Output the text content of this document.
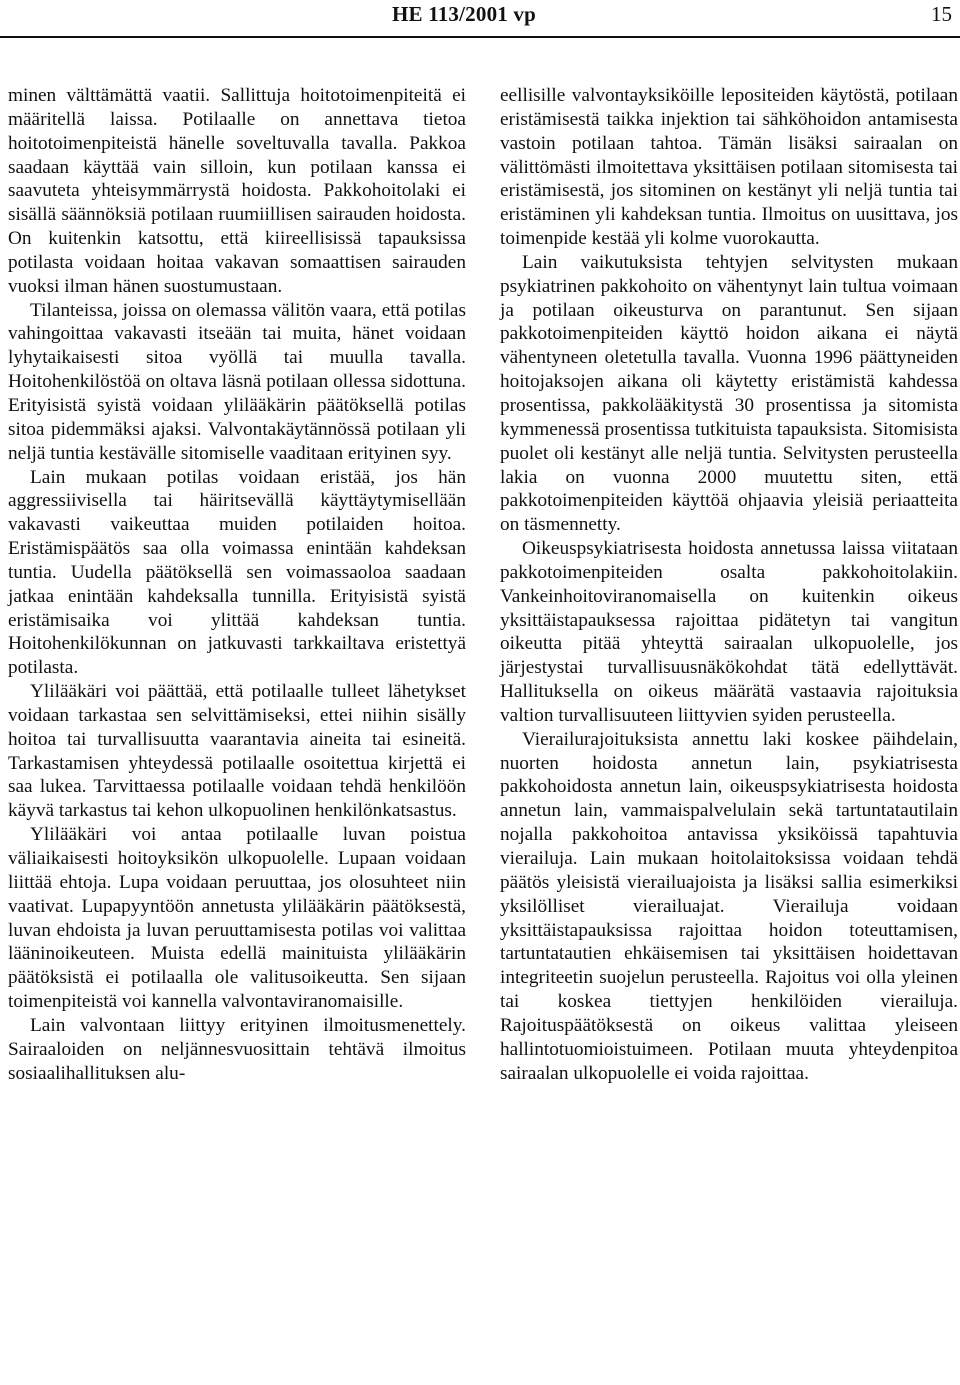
HE 113/2001 vp	15

minen välttämättä vaatii. Sallittuja hoitotoimenpiteitä ei määritellä laissa. Potilaalle on annettava tietoa hoitotoimenpiteistä hänelle soveltuvalla tavalla. Pakkoa saadaan käyttää vain silloin, kun potilaan kanssa ei saavuteta yhteisymmärrystä hoidosta. Pakkohoitolaki ei sisällä säännöksiä potilaan ruumiillisen sairauden hoidosta. On kuitenkin katsottu, että kiireellisissä tapauksissa potilasta voidaan hoitaa vakavan somaattisen sairauden vuoksi ilman hänen suostumustaan.

Tilanteissa, joissa on olemassa välitön vaara, että potilas vahingoittaa vakavasti itseään tai muita, hänet voidaan lyhytaikaisesti sitoa vyöllä tai muulla tavalla. Hoitohenkilöstöä on oltava läsnä potilaan ollessa sidottuna. Erityisistä syistä voidaan ylilääkärin päätöksellä potilas sitoa pidemmäksi ajaksi. Valvontakäytännössä potilaan yli neljä tuntia kestävälle sitomiselle vaaditaan erityinen syy.

Lain mukaan potilas voidaan eristää, jos hän aggressiivisella tai häiritsevällä käyttäytymisellään vakavasti vaikeuttaa muiden potilaiden hoitoa. Eristämispäätös saa olla voimassa enintään kahdeksan tuntia. Uudella päätöksellä sen voimassaoloa saadaan jatkaa enintään kahdeksalla tunnilla. Erityisistä syistä eristämisaika voi ylittää kahdeksan tuntia. Hoitohenkilökunnan on jatkuvasti tarkkailtava eristettyä potilasta.

Ylilääkäri voi päättää, että potilaalle tulleet lähetykset voidaan tarkastaa sen selvittämiseksi, ettei niihin sisälly hoitoa tai turvallisuutta vaarantavia aineita tai esineitä. Tarkastamisen yhteydessä potilaalle osoitettua kirjettä ei saa lukea. Tarvittaessa potilaalle voidaan tehdä henkilöön käyvä tarkastus tai kehon ulkopuolinen henkilönkatsastus.

Ylilääkäri voi antaa potilaalle luvan poistua väliaikaisesti hoitoyksikön ulkopuolelle. Lupaan voidaan liittää ehtoja. Lupa voidaan peruuttaa, jos olosuhteet niin vaativat. Lupapyyntöön annetusta ylilääkärin päätöksestä, luvan ehdoista ja luvan peruuttamisesta potilas voi valittaa lääninoikeuteen. Muista edellä mainituista ylilääkärin päätöksistä ei potilaalla ole valitusoikeutta. Sen sijaan toimenpiteistä voi kannella valvontaviranomaisille.

Lain valvontaan liittyy erityinen ilmoitusmenettely. Sairaaloiden on neljännesvuosittain tehtävä ilmoitus sosiaalihallituksen alu-

eellisille valvontayksiköille lepositeiden käytöstä, potilaan eristämisestä taikka injektion tai sähköhoidon antamisesta vastoin potilaan tahtoa. Tämän lisäksi sairaalan on välittömästi ilmoitettava yksittäisen potilaan sitomisesta tai eristämisestä, jos sitominen on kestänyt yli neljä tuntia tai eristäminen yli kahdeksan tuntia. Ilmoitus on uusittava, jos toimenpide kestää yli kolme vuorokautta.

Lain vaikutuksista tehtyjen selvitysten mukaan psykiatrinen pakkohoito on vähentynyt lain tultua voimaan ja potilaan oikeusturva on parantunut. Sen sijaan pakkotoimenpiteiden käyttö hoidon aikana ei näytä vähentyneen oletetulla tavalla. Vuonna 1996 päättyneiden hoitojaksojen aikana oli käytetty eristämistä kahdessa prosentissa, pakkolääkitystä 30 prosentissa ja sitomista kymmenessä prosentissa tutkituista tapauksista. Sitomisista puolet oli kestänyt alle neljä tuntia. Selvitysten perusteella lakia on vuonna 2000 muutettu siten, että pakkotoimenpiteiden käyttöä ohjaavia yleisiä periaatteita on täsmennetty.

Oikeuspsykiatrisesta hoidosta annetussa laissa viitataan pakkotoimenpiteiden osalta pakkohoitolakiin. Vankeinhoitoviranomaisella on kuitenkin oikeus yksittäistapauksessa rajoittaa pidätetyn tai vangitun oikeutta pitää yhteyttä sairaalan ulkopuolelle, jos järjestystai turvallisuusnäkökohdat tätä edellyttävät. Hallituksella on oikeus määrätä vastaavia rajoituksia valtion turvallisuuteen liittyvien syiden perusteella.

Vierailurajoituksista annettu laki koskee päihdelain, nuorten hoidosta annetun lain, psykiatrisesta pakkohoidosta annetun lain, oikeuspsykiatrisesta hoidosta annetun lain, vammaispalvelulain sekä tartuntatautilain nojalla pakkohoitoa antavissa yksiköissä tapahtuvia vierailuja. Lain mukaan hoitolaitoksissa voidaan tehdä päätös yleisistä vierailuajoista ja lisäksi sallia esimerkiksi yksilölliset vierailuajat. Vierailuja voidaan yksittäistapauksissa rajoittaa hoidon toteuttamisen, tartuntatautien ehkäisemisen tai yksittäisen hoidettavan integriteetin suojelun perusteella. Rajoitus voi olla yleinen tai koskea tiettyjen henkilöiden vierailuja. Rajoituspäätöksestä on oikeus valittaa yleiseen hallintotuomioistuimeen. Potilaan muuta yhteydenpitoa sairaalan ulkopuolelle ei voida rajoittaa.
